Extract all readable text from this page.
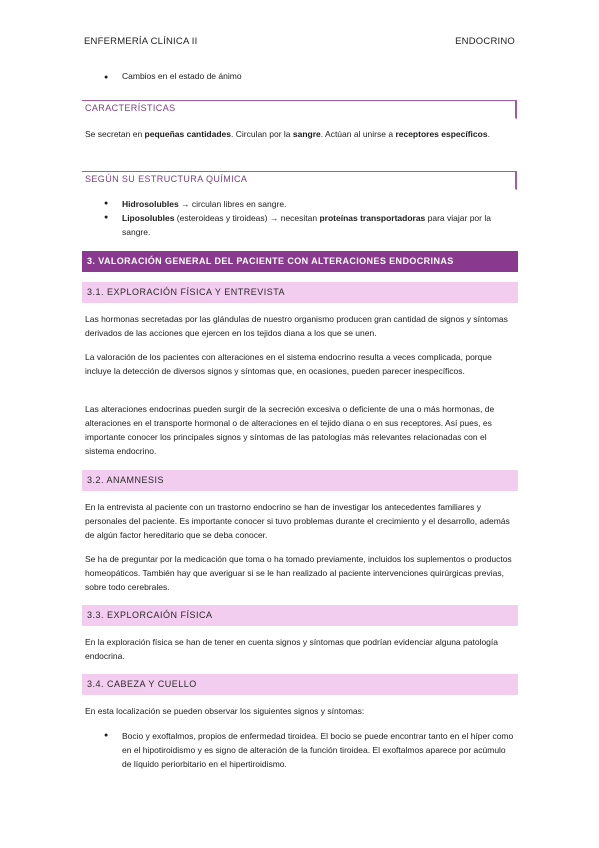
ENFERMERÍA CLÍNICA II	ENDOCRINO
● Cambios en el estado de ánimo
CARACTERÍSTICAS

Se secretan en pequeñas cantidades. Circulan por la sangre. Actúan al unirse a receptores específicos.

SEGÚN SU ESTRUCTURA QUÍMICA
●	Hidrosolubles → circulan libres en sangre.
●	Liposolubles (esteroideas y tiroideas) → necesitan proteínas transportadoras para viajar por la sangre.
3. VALORACIÓN GENERAL DEL PACIENTE CON ALTERACIONES ENDOCRINAS
3.1. EXPLORACIÓN FÍSICA Y ENTREVISTA

Las hormonas secretadas por las glándulas de nuestro organismo producen gran cantidad de signos y síntomas derivados de las acciones que ejercen en los tejidos diana a los que se unen.

La valoración de los pacientes con alteraciones en el sistema endocrino resulta a veces complicada, porque incluye la detección de diversos signos y síntomas que, en ocasiones, pueden parecer inespecíficos.

Las alteraciones endocrinas pueden surgir de la secreción excesiva o deficiente de una o más hormonas, de alteraciones en el transporte hormonal o de alteraciones en el tejido diana o en sus receptores. Así pues, es importante conocer los principales signos y síntomas de las patologías más relevantes relacionadas con el sistema endocrino.

3.2. ANAMNESIS

En la entrevista al paciente con un trastorno endocrino se han de investigar los antecedentes familiares y personales del paciente. Es importante conocer si tuvo problemas durante el crecimiento y el desarrollo, además de algún factor hereditario que se deba conocer.

Se ha de preguntar por la medicación que toma o ha tomado previamente, incluidos los suplementos o productos homeopáticos. También hay que averiguar si se le han realizado al paciente intervenciones quirúrgicas previas, sobre todo cerebrales.

3.3. EXPLORCAIÓN FÍSICA

En la exploración física se han de tener en cuenta signos y síntomas que podrían evidenciar alguna patología endocrina.

3.4. CABEZA Y CUELLO

En esta localización se pueden observar los siguientes signos y síntomas:

●	Bocio y exoftalmos, propios de enfermedad tiroidea. El bocio se puede encontrar tanto en el híper como en el hipotiroidismo y es signo de alteración de la función tiroidea. El exoftalmos aparece por acúmulo de líquido periorbitario en el hipertiroidismo.
